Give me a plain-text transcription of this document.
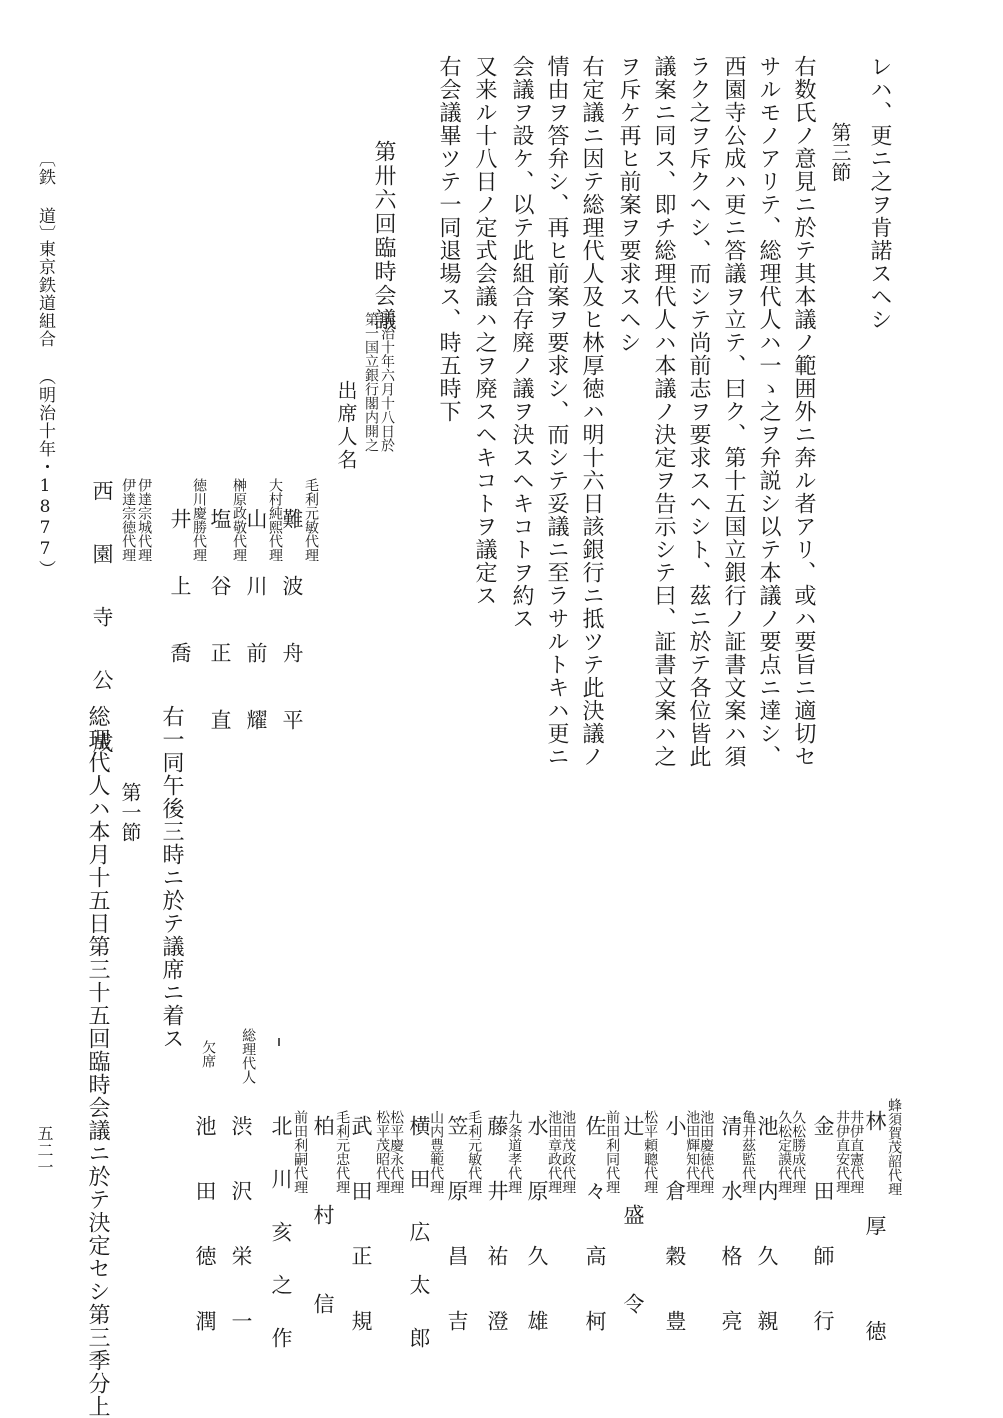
レハ、更ニ之ヲ肯諾スヘシ
第三節
右数氏ノ意見ニ於テ其本議ノ範囲外ニ奔ル者アリ、或ハ要旨ニ適切セ
サルモノアリテ、総理代人ハ一ゝ之ヲ弁説シ以テ本議ノ要点ニ達シ、
西園寺公成ハ更ニ答議ヲ立テ、曰ク、第十五国立銀行ノ証書文案ハ須
ラク之ヲ斥クヘシ、而シテ尚前志ヲ要求スヘシト、茲ニ於テ各位皆此
議案ニ同ス、即チ総理代人ハ本議ノ決定ヲ告示シテ曰、証書文案ハ之
ヲ斥ケ再ヒ前案ヲ要求スヘシ
右定議ニ因テ総理代人及ヒ林厚徳ハ明十六日該銀行ニ抵ツテ此決議ノ
情由ヲ答弁シ、再ヒ前案ヲ要求シ、而シテ妥議ニ至ラサルトキハ更ニ
会議ヲ設ケ、以テ此組合存廃ノ議ヲ決スヘキコトヲ約ス
又来ル十八日ノ定式会議ハ之ヲ廃スヘキコトヲ議定ス
右会議畢ツテ一同退場ス、時五時下
第卅六回臨時会議
明治十年六月十八日於
第一国立銀行閣内開之
出席人名
毛利元敏代理
難 波 舟 平
大村純熙代理
山 川 前 耀
榊原政敬代理
塩 谷 正 直
徳川慶勝代理
井 上 喬
伊達宗城代理
伊達宗徳代理
西 園 寺 公 成
〔鉄 道〕
東京鉄道組合
（明治十年・1877）
蜂須賀茂韶代理
林 厚 徳
井伊直憲代理
井伊直安代理
金 田 師 行
久松勝成代理
久松定謨代理
池 内 久 親
亀井茲監代理
清 水 格 亮
池田慶徳代理
池田輝知代理
小 倉 穀 豊
松平頼聰代理
辻 盛 令
前田利同代理
佐 々 高 柯
池田茂政代理
池田章政代理
水 原 久 雄
九条道孝代理
藤 井 祐 澄
毛利元敏代理
笠 原 昌 吉
山内豊範代理
横 田 広 太 郎
松平慶永代理
松平茂昭代理
武 田 正 規
毛利元忠代理
柏 村 信
前田利嗣代理
北 川 亥 之 作
総理代人
渋 沢 栄 一
欠席
池 田 徳 潤
右一同午後三時ニ於テ議席ニ着ス
第一節
総理代人ハ本月十五日第三十五回臨時会議ニ於テ決定セシ第三季分上
五二一
